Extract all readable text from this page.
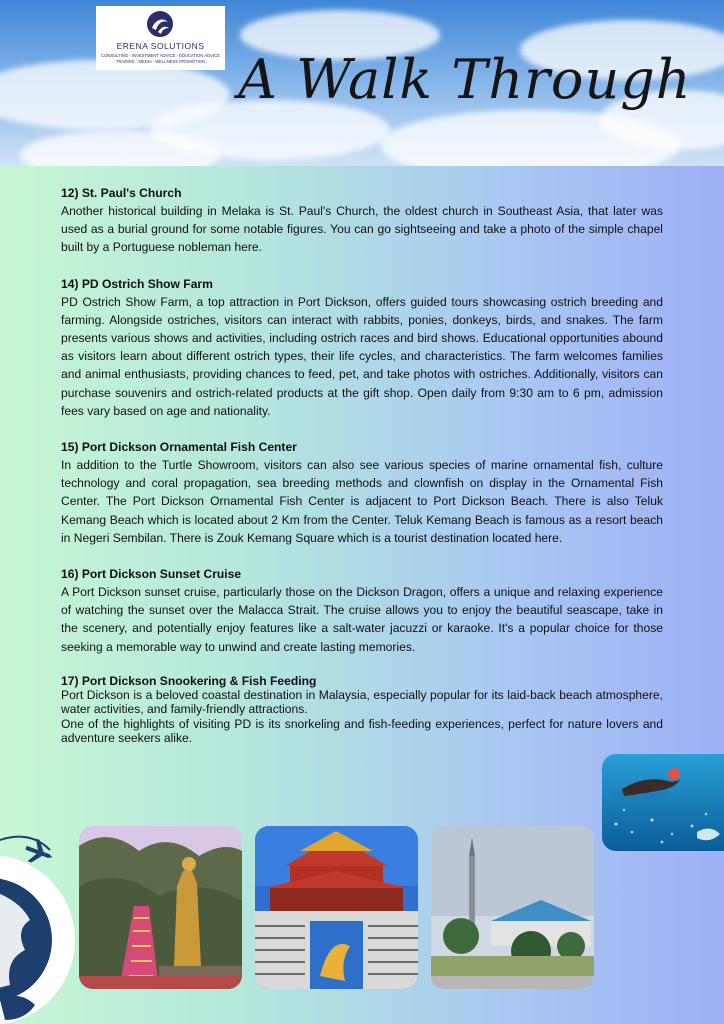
ERENA SOLUTIONS
CONSULTING - INVESTMENT ADVICE - EDUCATION ADVICE
TRADING - MEDIA - WELLNESS PROMOTION A Walk Through
12) St. Paul's Church

Another historical building in Melaka is St. Paul's Church, the oldest church in Southeast Asia, that later was used as a burial ground for some notable figures. You can go sightseeing and take a photo of the simple chapel built by a Portuguese nobleman here.

14) PD Ostrich Show Farm

PD Ostrich Show Farm, a top attraction in Port Dickson, offers guided tours showcasing ostrich breeding and farming. Alongside ostriches, visitors can interact with rabbits, ponies, donkeys, birds, and snakes. The farm presents various shows and activities, including ostrich races and bird shows. Educational opportunities abound as visitors learn about different ostrich types, their life cycles, and characteristics. The farm welcomes families and animal enthusiasts, providing chances to feed, pet, and take photos with ostriches. Additionally, visitors can purchase souvenirs and ostrich-related products at the gift shop. Open daily from 9:30 am to 6 pm, admission fees vary based on age and nationality.

15) Port Dickson Ornamental Fish Center

In addition to the Turtle Showroom, visitors can also see various species of marine ornamental fish, culture technology and coral propagation, sea breeding methods and clownfish on display in the Ornamental Fish Center. The Port Dickson Ornamental Fish Center is adjacent to Port Dickson Beach. There is also Teluk Kemang Beach which is located about 2 Km from the Center. Teluk Kemang Beach is famous as a resort beach in Negeri Sembilan. There is Zouk Kemang Square which is a tourist destination located here.

16) Port Dickson Sunset Cruise

A Port Dickson sunset cruise, particularly those on the Dickson Dragon, offers a unique and relaxing experience of watching the sunset over the Malacca Strait. The cruise allows you to enjoy the beautiful seascape, take in the scenery, and potentially enjoy features like a salt-water jacuzzi or karaoke. It's a popular choice for those seeking a memorable way to unwind and create lasting memories.

17) Port Dickson Snookering & Fish Feeding

Port Dickson is a beloved coastal destination in Malaysia, especially popular for its laid-back beach atmosphere, water activities, and family-friendly attractions.

One of the highlights of visiting PD is its snorkeling and fish-feeding experiences, perfect for nature lovers and adventure seekers alike.
